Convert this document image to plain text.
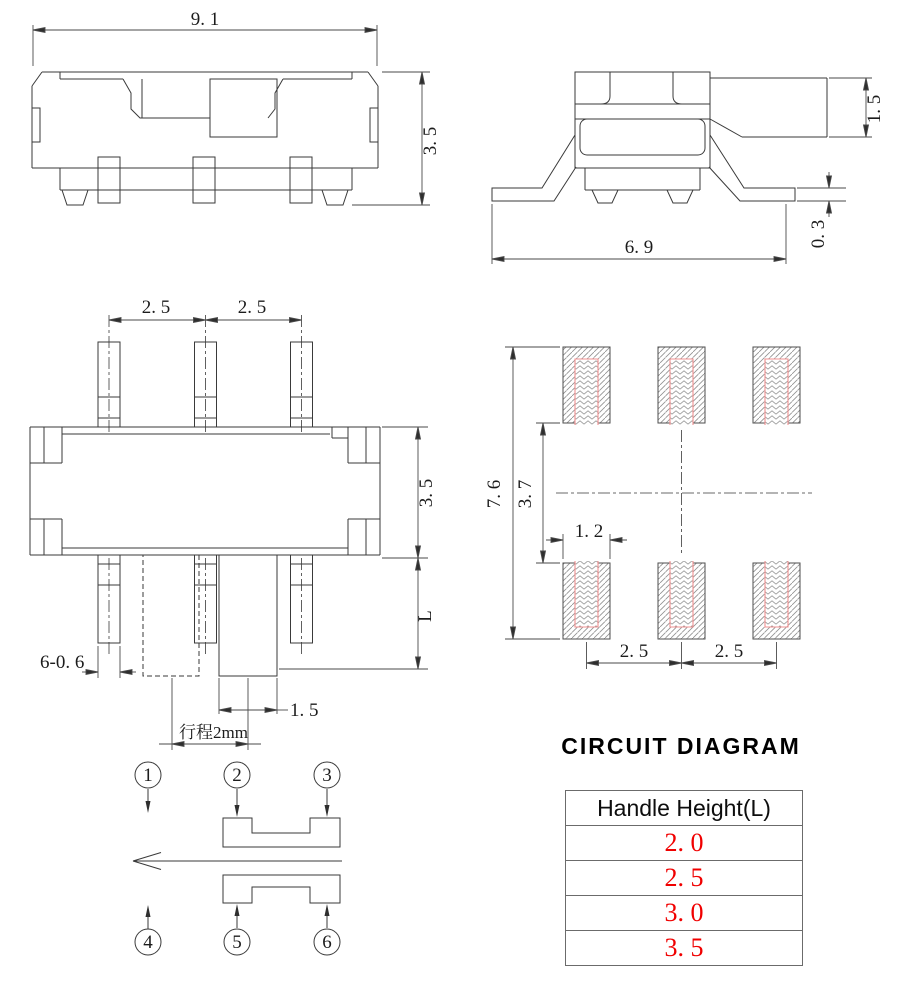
9. 1
3. 5
1. 5
0. 3
6. 9
2. 5	2. 5
3. 5
L
6-0. 6
1. 5
行程2mm
7. 6 3. 7
1. 2
2. 5	2. 5
1	2	3
4	5	6
CIRCUIT DIAGRAM
Handle Height(L)
2. 0
2. 5
3. 0
3. 5
